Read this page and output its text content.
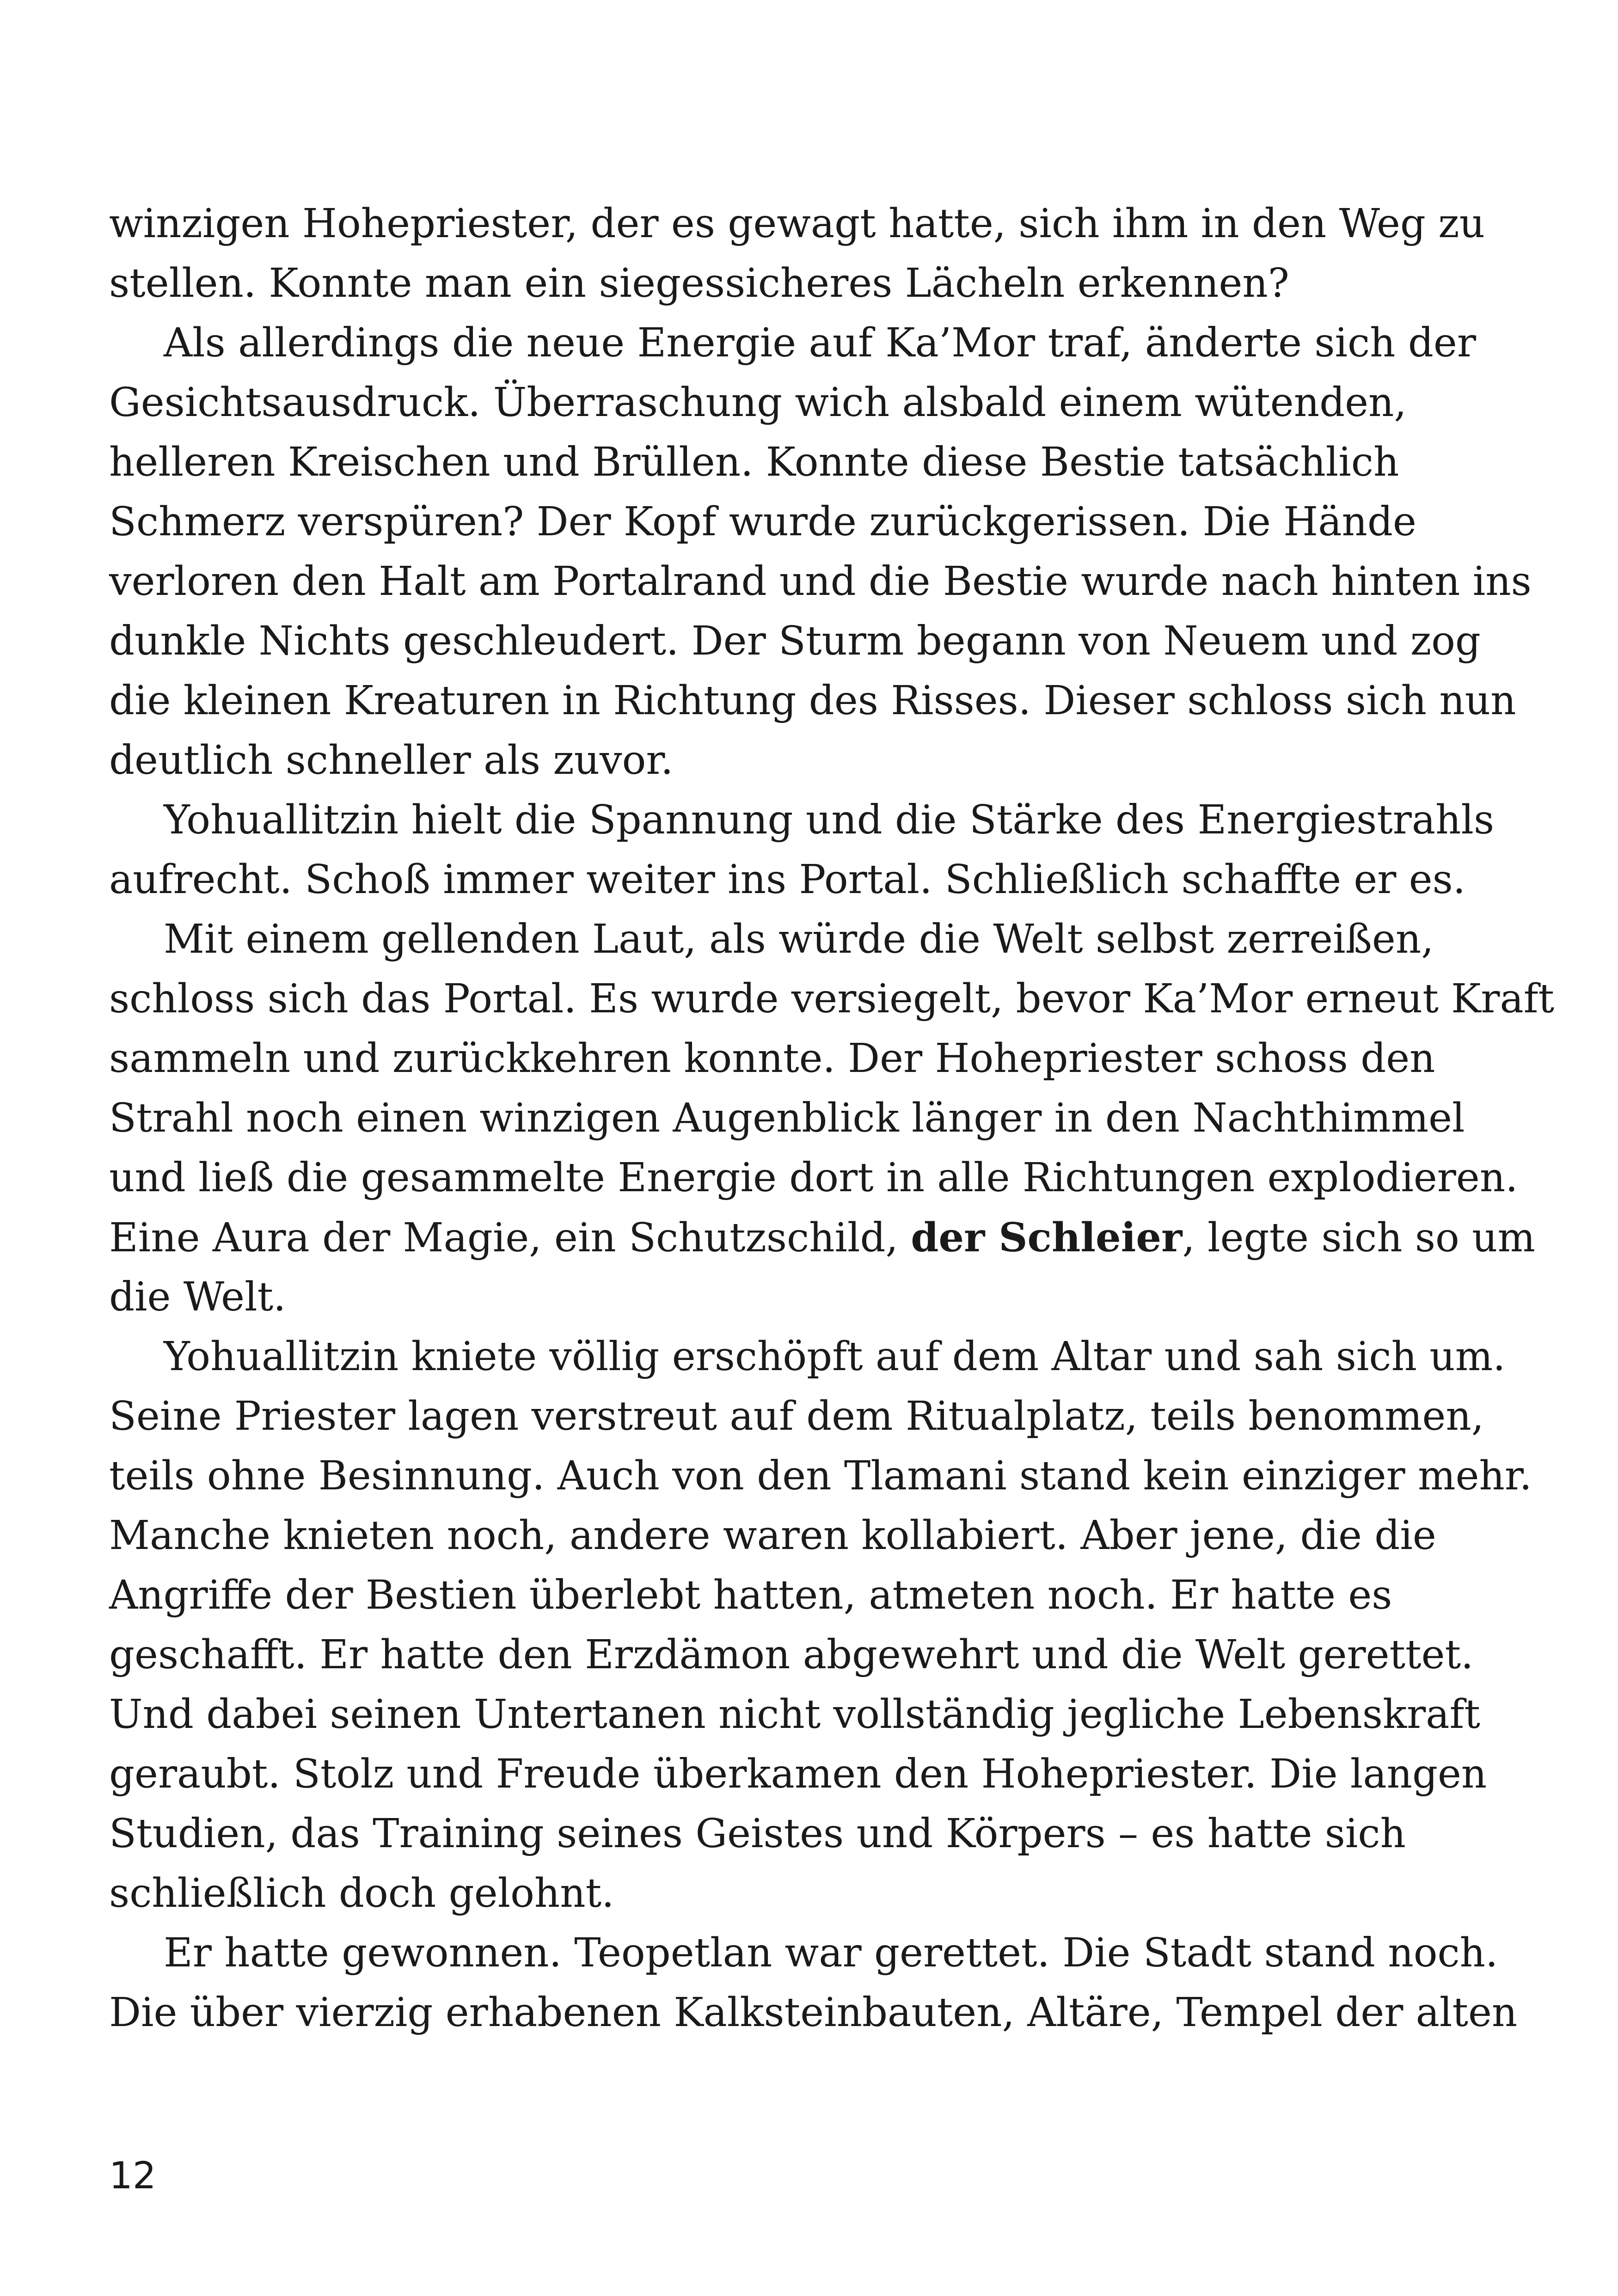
winzigen Hohepriester, der es gewagt hatte, sich ihm in den Weg zu
stellen. Konnte man ein siegessicheres Lächeln erkennen?
Als allerdings die neue Energie auf Ka’Mor traf, änderte sich der
Gesichtsausdruck. Überraschung wich alsbald einem wütenden,
helleren Kreischen und Brüllen. Konnte diese Bestie tatsächlich
Schmerz verspüren? Der Kopf wurde zurückgerissen. Die Hände
verloren den Halt am Portalrand und die Bestie wurde nach hinten ins
dunkle Nichts geschleudert. Der Sturm begann von Neuem und zog
die kleinen Kreaturen in Richtung des Risses. Dieser schloss sich nun
deutlich schneller als zuvor.
Yohuallitzin hielt die Spannung und die Stärke des Energiestrahls
aufrecht. Schoß immer weiter ins Portal. Schließlich schaffte er es.
Mit einem gellenden Laut, als würde die Welt selbst zerreißen,
schloss sich das Portal. Es wurde versiegelt, bevor Ka’Mor erneut Kraft
sammeln und zurückkehren konnte. Der Hohepriester schoss den
Strahl noch einen winzigen Augenblick länger in den Nachthimmel
und ließ die gesammelte Energie dort in alle Richtungen explodieren.
Eine Aura der Magie, ein Schutzschild, der Schleier, legte sich so um
die Welt.
Yohuallitzin kniete völlig erschöpft auf dem Altar und sah sich um.
Seine Priester lagen verstreut auf dem Ritualplatz, teils benommen,
teils ohne Besinnung. Auch von den Tlamani stand kein einziger mehr.
Manche knieten noch, andere waren kollabiert. Aber jene, die die
Angriffe der Bestien überlebt hatten, atmeten noch. Er hatte es
geschafft. Er hatte den Erzdämon abgewehrt und die Welt gerettet.
Und dabei seinen Untertanen nicht vollständig jegliche Lebenskraft
geraubt. Stolz und Freude überkamen den Hohepriester. Die langen
Studien, das Training seines Geistes und Körpers – es hatte sich
schließlich doch gelohnt.
Er hatte gewonnen. Teopetlan war gerettet. Die Stadt stand noch.
Die über vierzig erhabenen Kalksteinbauten, Altäre, Tempel der alten
12
